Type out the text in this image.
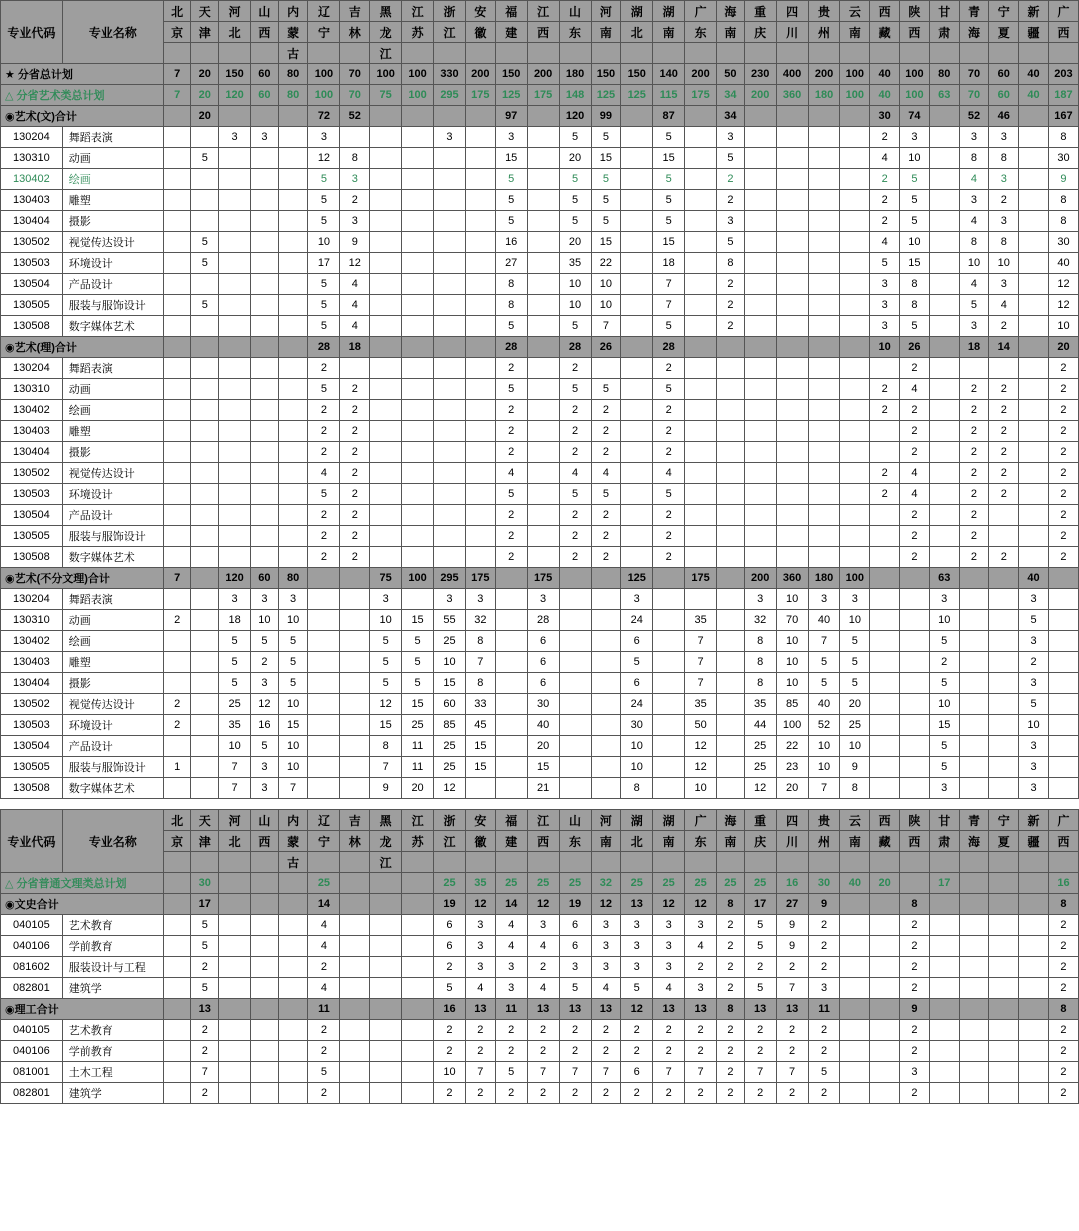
专业代码	专业名称	北	天	河	山	内	辽	吉	黑	江	浙	安	福	江	山	河	湖	湖	广	海	重	四	贵	云	西	陕	甘	青	宁	新	广
		京	津	北	西	蒙	宁	林	龙	苏	江	徽	建	西	东	南	北	南	东	南	庆	川	州	南	藏	西	肃	海	夏	疆	西
						古			江																						
★ 分省总计划		7	20	150	60	80	100	70	100	100	330	200	150	200	180	150	150	140	200	50	230	400	200	100	40	100	80	70	60	40	203
△ 分省艺术类总计划		7	20	120	60	80	100	70	75	100	295	175	125	175	148	125	125	115	175	34	200	360	180	100	40	100	63	70	60	40	187
◉艺术(文)合计			20				72	52					97		120	99		87		34					30	74		52	46		167
130204	舞蹈表演			3	3		3				3		3		5	5		5		3					2	3		3	3		8
130310	动画		5				12	8					15		20	15		15		5					4	10		8	8		30
130402	绘画						5	3					5		5	5		5		2					2	5		4	3		9
130403	雕塑						5	2					5		5	5		5		2					2	5		3	2		8
130404	摄影						5	3					5		5	5		5		3					2	5		4	3		8
130502	视觉传达设计		5				10	9					16		20	15		15		5					4	10		8	8		30
130503	环境设计		5				17	12					27		35	22		18		8					5	15		10	10		40
130504	产品设计						5	4					8		10	10		7		2					3	8		4	3		12
130505	服装与服饰设计		5				5	4					8		10	10		7		2					3	8		5	4		12
130508	数字媒体艺术						5	4					5		5	7		5		2					3	5		3	2		10
◉艺术(理)合计							28	18					28		28	26		28							10	26		18	14		20
130204	舞蹈表演						2						2		2			2								2					2
130310	动画						5	2					5		5	5		5							2	4		2	2		2
130402	绘画						2	2					2		2	2		2							2	2		2	2		2
130403	雕塑						2	2					2		2	2		2								2		2	2		2
130404	摄影						2	2					2		2	2		2								2		2	2		2
130502	视觉传达设计						4	2					4		4	4		4							2	4		2	2		2
130503	环境设计						5	2					5		5	5		5							2	4		2	2		2
130504	产品设计						2	2					2		2	2		2								2		2			2
130505	服装与服饰设计						2	2					2		2	2		2								2		2			2
130508	数字媒体艺术						2	2					2		2	2		2								2		2	2		2
◉艺术(不分文理)合计		7		120	60	80			75	100	295	175		175			125		175		200	360	180	100			63			40	
130204	舞蹈表演			3	3	3			3		3	3		3			3				3	10	3	3			3			3	
130310	动画	2		18	10	10			10	15	55	32		28			24		35		32	70	40	10			10			5	
130402	绘画			5	5	5			5	5	25	8		6			6		7		8	10	7	5			5			3	
130403	雕塑			5	2	5			5	5	10	7		6			5		7		8	10	5	5			2			2	
130404	摄影			5	3	5			5	5	15	8		6			6		7		8	10	5	5			5			3	
130502	视觉传达设计	2		25	12	10			12	15	60	33		30			24		35		35	85	40	20			10			5	
130503	环境设计	2		35	16	15			15	25	85	45		40			30		50		44	100	52	25			15			10	
130504	产品设计			10	5	10			8	11	25	15		20			10		12		25	22	10	10			5			3	
130505	服装与服饰设计	1		7	3	10			7	11	25	15		15			10		12		25	23	10	9			5			3	
130508	数字媒体艺术			7	3	7			9	20	12			21			8		10		12	20	7	8			3			3	
专业代码	专业名称	北	天	河	山	内	辽	吉	黑	江	浙	安	福	江	山	河	湖	湖	广	海	重	四	贵	云	西	陕	甘	青	宁	新	广
		京	津	北	西	蒙	宁	林	龙	苏	江	徽	建	西	东	南	北	南	东	南	庆	川	州	南	藏	西	肃	海	夏	疆	西
						古			江																						
△ 分省普通文理类总计划			30				25				25	35	25	25	25	32	25	25	25	25	25	16	30	40	20		17				16
◉文史合计			17				14				19	12	14	12	19	12	13	12	12	8	17	27	9			8					8
040105	艺术教育		5				4				6	3	4	3	6	3	3	3	3	2	5	9	2			2					2
040106	学前教育		5				4				6	3	4	4	6	3	3	3	4	2	5	9	2			2					2
081602	服装设计与工程		2				2				2	3	3	2	3	3	3	3	2	2	2	2	2			2					2
082801	建筑学		5				4				5	4	3	4	5	4	5	4	3	2	5	7	3			2					2
◉理工合计			13				11				16	13	11	13	13	13	12	13	13	8	13	13	11			9					8
040105	艺术教育		2				2				2	2	2	2	2	2	2	2	2	2	2	2	2			2					2
040106	学前教育		2				2				2	2	2	2	2	2	2	2	2	2	2	2	2			2					2
081001	土木工程		7				5				10	7	5	7	7	7	6	7	7	2	7	7	5			3					2
082801	建筑学		2				2				2	2	2	2	2	2	2	2	2	2	2	2	2			2					2
